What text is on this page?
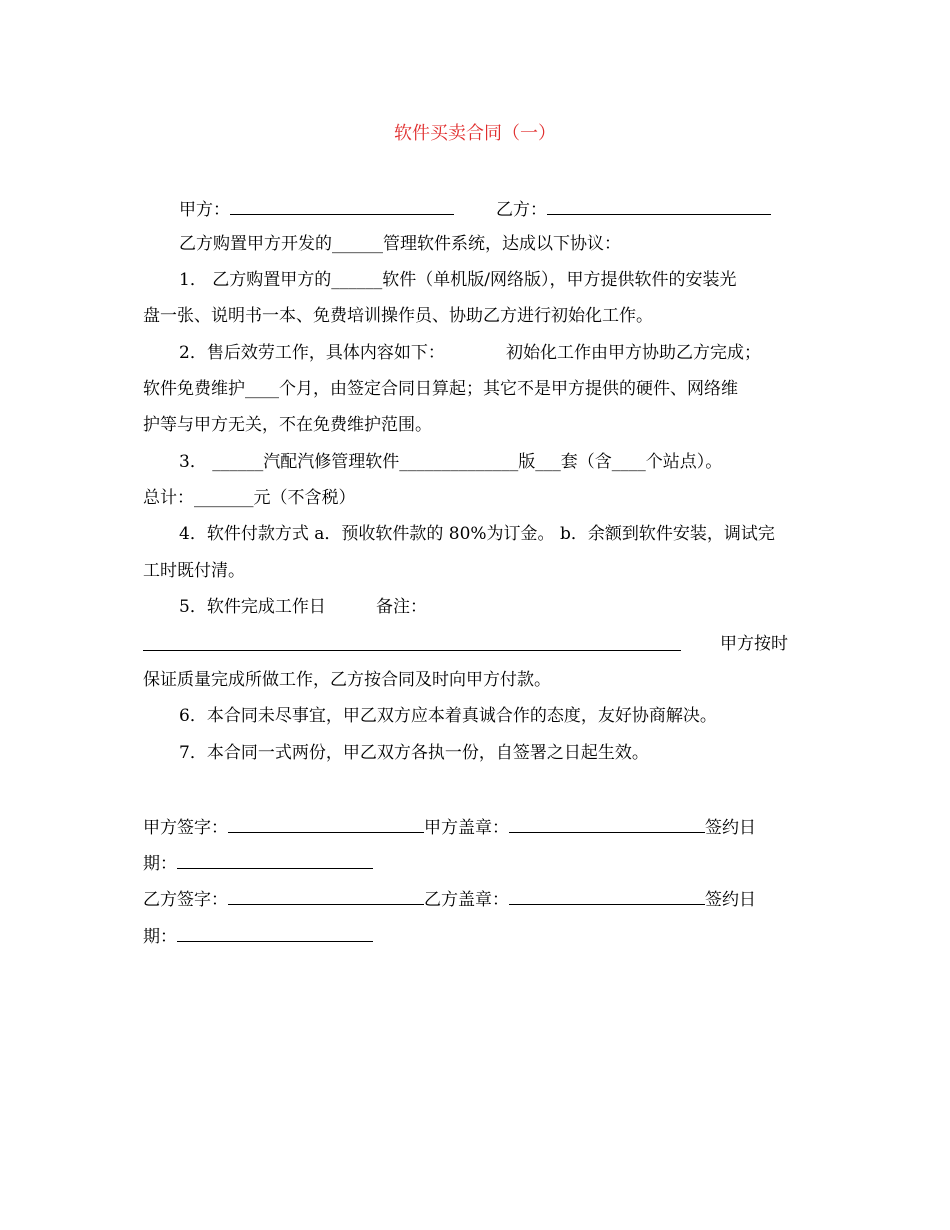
软件买卖合同（一）
甲方：	乙方：
乙方购置甲方开发的______管理软件系统，达成以下协议：
1． 乙方购置甲方的______软件（单机版/网络版），甲方提供软件的安装光
盘一张、说明书一本、免费培训操作员、协助乙方进行初始化工作。
2．售后效劳工作，具体内容如下：	初始化工作由甲方协助乙方完成；
软件免费维护____个月，由签定合同日算起；其它不是甲方提供的硬件、网络维
护等与甲方无关，不在免费维护范围。
3． ______汽配汽修管理软件______________版___套（含____个站点）。
总计：_______元（不含税）
4．软件付款方式 a．预收软件款的 80%为订金。 b．余额到软件安装，调试完
工时既付清。
5．软件完成工作日	备注：
甲方按时
保证质量完成所做工作，乙方按合同及时向甲方付款。
6．本合同未尽事宜，甲乙双方应本着真诚合作的态度，友好协商解决。
7．本合同一式两份，甲乙双方各执一份，自签署之日起生效。
甲方签字：	甲方盖章：	签约日
期：
乙方签字：	乙方盖章：	签约日
期：
